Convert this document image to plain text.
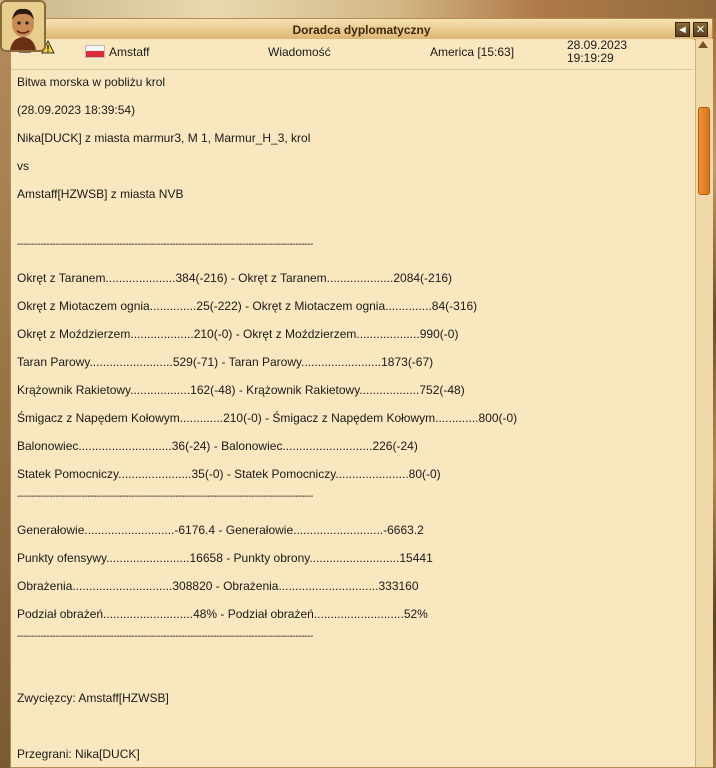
Doradca dyplomatyczny	◄ ✕
Amstaff	Wiadomość	America [15:63]	28.09.2023
19:19:29
Bitwa morska w pobliżu krol
(28.09.2023 18:39:54)
Nika[DUCK] z miasta marmur3, M 1, Marmur_H_3, krol
vs
Amstaff[HZWSB] z miasta NVB
-----------------------------------------------------------------------------------------------------
Okręt z Taranem.....................384(-216) - Okręt z Taranem....................2084(-216)
Okręt z Miotaczem ognia..............25(-222) - Okręt z Miotaczem ognia..............84(-316)
Okręt z Moździerzem...................210(-0) - Okręt z Moździerzem...................990(-0)
Taran Parowy.........................529(-71) - Taran Parowy........................1873(-67)
Krążownik Rakietowy..................162(-48) - Krążownik Rakietowy..................752(-48)
Śmigacz z Napędem Kołowym.............210(-0) - Śmigacz z Napędem Kołowym.............800(-0)
Balonowiec............................36(-24) - Balonowiec...........................226(-24)
Statek Pomocniczy......................35(-0) - Statek Pomocniczy......................80(-0)
-----------------------------------------------------------------------------------------------------
Generałowie...........................-6176.4 - Generałowie...........................-6663.2
Punkty ofensywy.........................16658 - Punkty obrony...........................15441
Obrażenia..............................308820 - Obrażenia..............................333160
Podział obrażeń...........................48% - Podział obrażeń...........................52%
-----------------------------------------------------------------------------------------------------
Zwycięzcy: Amstaff[HZWSB]
Przegrani: Nika[DUCK]
